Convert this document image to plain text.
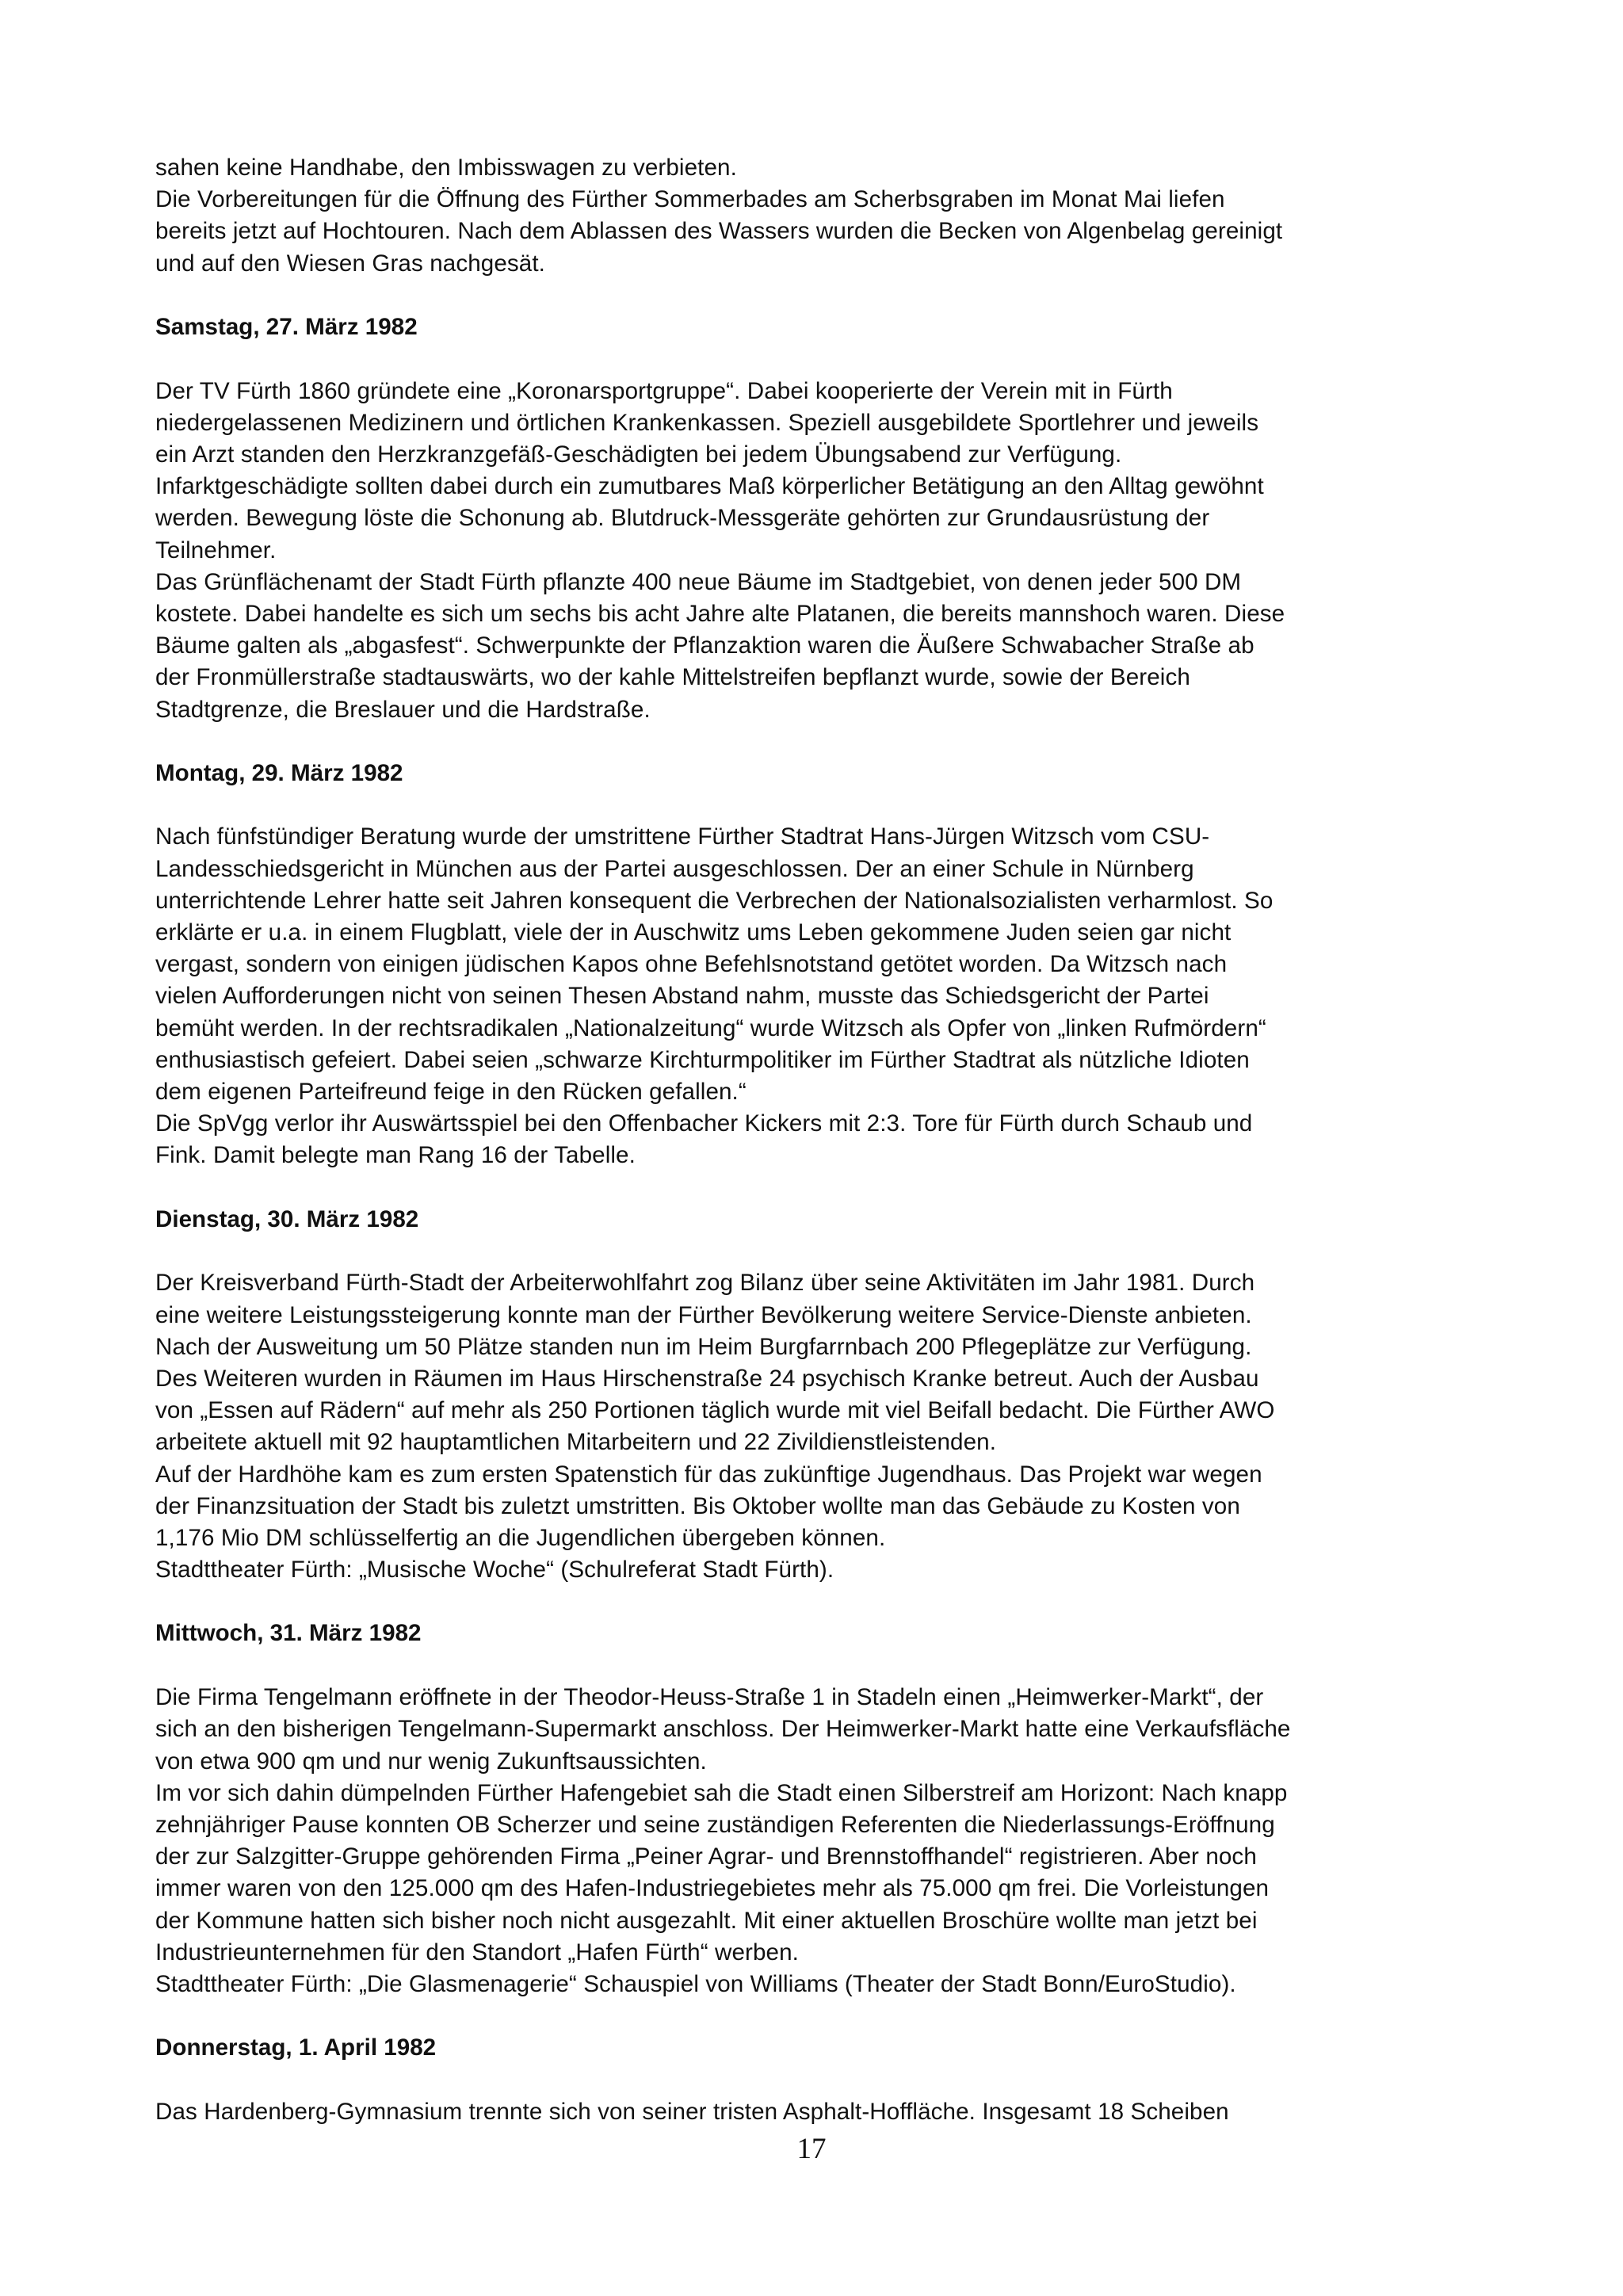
sahen keine Handhabe, den Imbisswagen zu verbieten.
Die Vorbereitungen für die Öffnung des Fürther Sommerbades am Scherbsgraben im Monat Mai liefen
bereits jetzt auf Hochtouren. Nach dem Ablassen des Wassers wurden die Becken von Algenbelag gereinigt
und auf den Wiesen Gras nachgesät.

Samstag, 27. März 1982

Der TV Fürth 1860 gründete eine „Koronarsportgruppe“. Dabei kooperierte der Verein mit in Fürth
niedergelassenen Medizinern und örtlichen Krankenkassen. Speziell ausgebildete Sportlehrer und jeweils
ein Arzt standen den Herzkranzgefäß-Geschädigten bei jedem Übungsabend zur Verfügung.
Infarktgeschädigte sollten dabei durch ein zumutbares Maß körperlicher Betätigung an den Alltag gewöhnt
werden. Bewegung löste die Schonung ab. Blutdruck-Messgeräte gehörten zur Grundausrüstung der
Teilnehmer.
Das Grünflächenamt der Stadt Fürth pflanzte 400 neue Bäume im Stadtgebiet, von denen jeder 500 DM
kostete. Dabei handelte es sich um sechs bis acht Jahre alte Platanen, die bereits mannshoch waren. Diese
Bäume galten als „abgasfest“. Schwerpunkte der Pflanzaktion waren die Äußere Schwabacher Straße ab
der Fronmüllerstraße stadtauswärts, wo der kahle Mittelstreifen bepflanzt wurde, sowie der Bereich
Stadtgrenze, die Breslauer und die Hardstraße.

Montag, 29. März 1982

Nach fünfstündiger Beratung wurde der umstrittene Fürther Stadtrat Hans-Jürgen Witzsch vom CSU-
Landesschiedsgericht in München aus der Partei ausgeschlossen. Der an einer Schule in Nürnberg
unterrichtende Lehrer hatte seit Jahren konsequent die Verbrechen der Nationalsozialisten verharmlost. So
erklärte er u.a. in einem Flugblatt, viele der in Auschwitz ums Leben gekommene Juden seien gar nicht
vergast, sondern von einigen jüdischen Kapos ohne Befehlsnotstand getötet worden. Da Witzsch nach
vielen Aufforderungen nicht von seinen Thesen Abstand nahm, musste das Schiedsgericht der Partei
bemüht werden. In der rechtsradikalen „Nationalzeitung“ wurde Witzsch als Opfer von „linken Rufmördern“
enthusiastisch gefeiert. Dabei seien „schwarze Kirchturmpolitiker im Fürther Stadtrat als nützliche Idioten
dem eigenen Parteifreund feige in den Rücken gefallen.“
Die SpVgg verlor ihr Auswärtsspiel bei den Offenbacher Kickers mit 2:3. Tore für Fürth durch Schaub und
Fink. Damit belegte man Rang 16 der Tabelle.

Dienstag, 30. März 1982

Der Kreisverband Fürth-Stadt der Arbeiterwohlfahrt zog Bilanz über seine Aktivitäten im Jahr 1981. Durch
eine weitere Leistungssteigerung konnte man der Fürther Bevölkerung weitere Service-Dienste anbieten.
Nach der Ausweitung um 50 Plätze standen nun im Heim Burgfarrnbach 200 Pflegeplätze zur Verfügung.
Des Weiteren wurden in Räumen im Haus Hirschenstraße 24 psychisch Kranke betreut. Auch der Ausbau
von „Essen auf Rädern“ auf mehr als 250 Portionen täglich wurde mit viel Beifall bedacht. Die Fürther AWO
arbeitete aktuell mit 92 hauptamtlichen Mitarbeitern und 22 Zivildienstleistenden.
Auf der Hardhöhe kam es zum ersten Spatenstich für das zukünftige Jugendhaus. Das Projekt war wegen
der Finanzsituation der Stadt bis zuletzt umstritten. Bis Oktober wollte man das Gebäude zu Kosten von
1,176 Mio DM schlüsselfertig an die Jugendlichen übergeben können.
Stadttheater Fürth: „Musische Woche“ (Schulreferat Stadt Fürth).

Mittwoch, 31. März 1982

Die Firma Tengelmann eröffnete in der Theodor-Heuss-Straße 1 in Stadeln einen „Heimwerker-Markt“, der
sich an den bisherigen Tengelmann-Supermarkt anschloss. Der Heimwerker-Markt hatte eine Verkaufsfläche
von etwa 900 qm und nur wenig Zukunftsaussichten.
Im vor sich dahin dümpelnden Fürther Hafengebiet sah die Stadt einen Silberstreif am Horizont: Nach knapp
zehnjähriger Pause konnten OB Scherzer und seine zuständigen Referenten die Niederlassungs-Eröffnung
der zur Salzgitter-Gruppe gehörenden Firma „Peiner Agrar- und Brennstoffhandel“ registrieren. Aber noch
immer waren von den 125.000 qm des Hafen-Industriegebietes mehr als 75.000 qm frei. Die Vorleistungen
der Kommune hatten sich bisher noch nicht ausgezahlt. Mit einer aktuellen Broschüre wollte man jetzt bei
Industrieunternehmen für den Standort „Hafen Fürth“ werben.
Stadttheater Fürth: „Die Glasmenagerie“ Schauspiel von Williams (Theater der Stadt Bonn/EuroStudio).

Donnerstag, 1. April 1982

Das Hardenberg-Gymnasium trennte sich von seiner tristen Asphalt-Hoffläche. Insgesamt 18 Scheiben

17
